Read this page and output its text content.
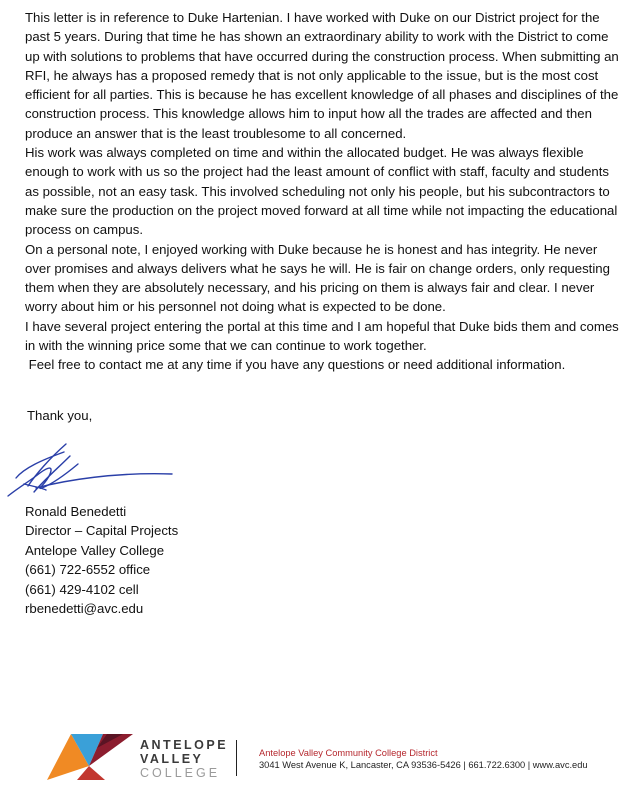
This letter is in reference to Duke Hartenian. I have worked with Duke on our District project for the past 5 years. During that time he has shown an extraordinary ability to work with the District to come up with solutions to problems that have occurred during the construction process. When submitting an RFI, he always has a proposed remedy that is not only applicable to the issue, but is the most cost efficient for all parties. This is because he has excellent knowledge of all phases and disciplines of the construction process. This knowledge allows him to input how all the trades are affected and then produce an answer that is the least troublesome to all concerned.

His work was always completed on time and within the allocated budget. He was always flexible enough to work with us so the project had the least amount of conflict with staff, faculty and students as possible, not an easy task. This involved scheduling not only his people, but his subcontractors to make sure the production on the project moved forward at all time while not impacting the educational process on campus.

On a personal note, I enjoyed working with Duke because he is honest and has integrity. He never over promises and always delivers what he says he will. He is fair on change orders, only requesting them when they are absolutely necessary, and his pricing on them is always fair and clear. I never worry about him or his personnel not doing what is expected to be done.

I have several project entering the portal at this time and I am hopeful that Duke bids them and comes in with the winning price some that we can continue to work together.

Feel free to contact me at any time if you have any questions or need additional information.

Thank you,
Ronald Benedetti
Director – Capital Projects
Antelope Valley College
(661) 722-6552 office
(661) 429-4102 cell
rbenedetti@avc.edu
ANTELOPE
VALLEY
COLLEGE
Antelope Valley Community College District
3041 West Avenue K, Lancaster, CA 93536-5426 | 661.722.6300 | www.avc.edu
